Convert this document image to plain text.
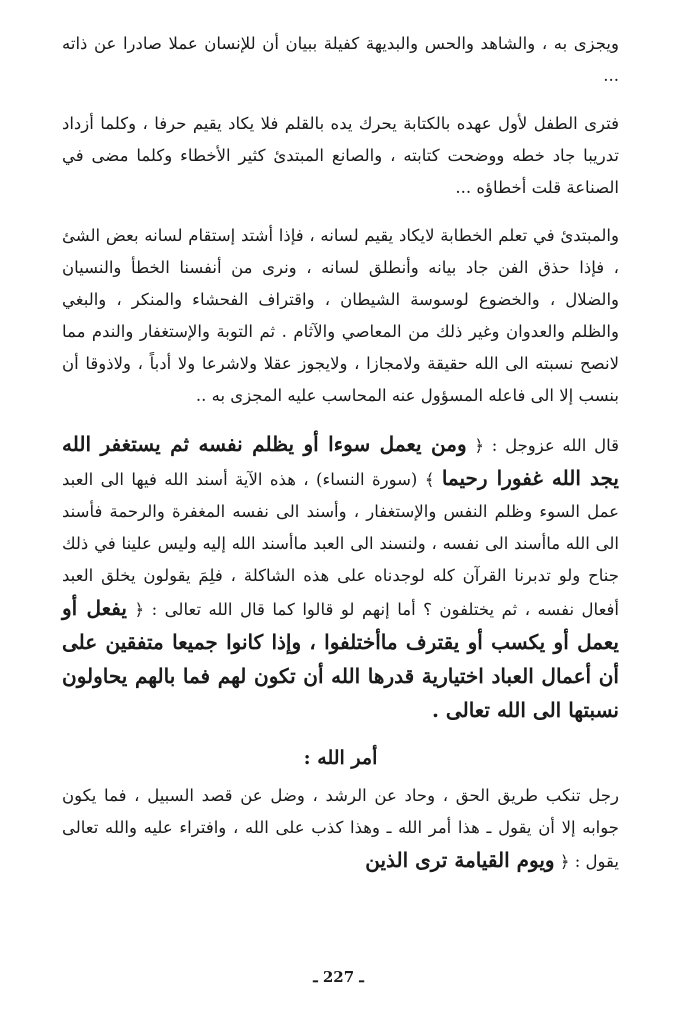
ويجزى به ، والشاهد والحس والبديهة كفيلة ببيان أن للإنسان عملا صادرا عن ذاته ...

فترى الطفل لأول عهده بالكتابة يحرك يده بالقلم فلا يكاد يقيم حرفا ، وكلما أزداد تدريبا جاد خطه ووضحت كتابته ، والصانع المبتدئ كثير الأخطاء وكلما مضى في الصناعة قلت أخطاؤه ...

والمبتدئ في تعلم الخطابة لايكاد يقيم لسانه ، فإذا أشتد إستقام لسانه بعض الشئ ، فإذا حذق الفن جاد بيانه وأنطلق لسانه ، ونرى من أنفسنا الخطأ والنسيان والضلال ، والخضوع لوسوسة الشيطان ، واقتراف الفحشاء والمنكر ، والبغي والظلم والعدوان وغير ذلك من المعاصي والآثام . ثم التوبة والإستغفار والندم مما لانصح نسبته الى الله حقيقة ولامجازا ، ولايجوز عقلا ولاشرعا ولا أدباً ، ولاذوقا أن بنسب إلا الى فاعله المسؤول عنه المحاسب عليه المجزى به ..

قال الله عزوجل : ﴿ ومن يعمل سوءا أو يظلم نفسه ثم يستغفر الله يجد الله غفورا رحيما ﴾ (سورة النساء) ، هذه الآية أسند الله فيها الى العبد عمل السوء وظلم النفس والإستغفار ، وأسند الى نفسه المغفرة والرحمة فأسند الى الله ماأسند الى نفسه ، ولنسند الى العبد ماأسند الله إليه وليس علينا في ذلك جناح ولو تدبرنا القرآن كله لوجدناه على هذه الشاكلة ، فلِمَ يقولون يخلق العبد أفعال نفسه ، ثم يختلفون ؟ أما إنهم لو قالوا كما قال الله تعالى : ﴿ يفعل أو يعمل أو يكسب أو يقترف ماأختلفوا ، وإذا كانوا جميعا متفقين على أن أعمال العباد اختيارية قدرها الله أن تكون لهم فما بالهم يحاولون نسبتها الى الله تعالى .

أمر الله :

رجل تنكب طريق الحق ، وحاد عن الرشد ، وضل عن قصد السبيل ، فما يكون جوابه إلا أن يقول ـ هذا أمر الله ـ وهذا كذب على الله ، وافتراء عليه والله تعالى يقول : ﴿ ويوم القيامة ترى الذين

ـ 227 ـ
